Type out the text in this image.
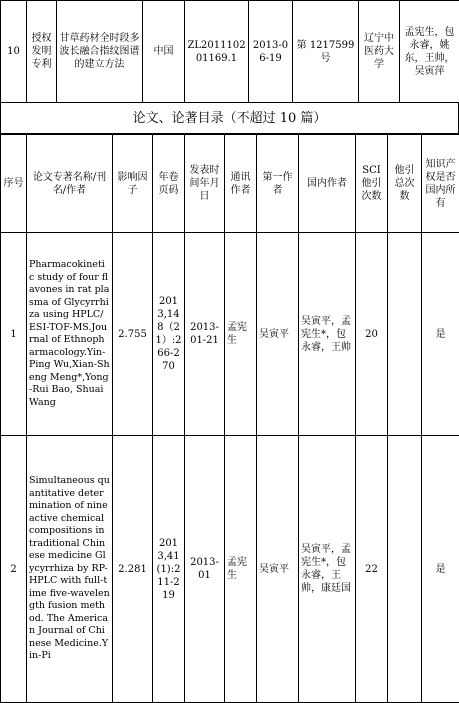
10	授权发明专利	甘草药材全时段多波长融合指纹图谱的建立方法	中国	ZL201110201169.1	2013-06-19	第 1217599 号	辽宁中医药大学	孟宪生，包永睿，姚东，王帅，吴寅萍
论文、论著目录（不超过 10 篇）
序号	论文专著名称/刊名/作者	影响因子	年卷页码	发表时间年月日	通讯作者	第一作者	国内作者	SCI 他引次数	他引总次数	知识产权是否国内所有
1	Pharmacokinetic study of four flavones in rat plasma of Glycyrrhiza using HPLC/ESI-TOF-MS.Journal of Ethnopharmacology.Yin-Ping Wu,Xian-Sheng Meng*,Yong-Rui Bao, Shuai Wang	2.755	2013,148（21）:266-270	2013-01-21	孟宪生	吴寅平	吴寅平，孟宪生*，包永睿，王帅	20		是
2	Simultaneous quantitative determination of nine active chemical compositions in traditional Chinese medicine Glycyrrhiza by RP-HPLC with full-time five-wavelength fusion method. The American Journal of Chinese Medicine.Yin-Pi	2.281	2013,41(1):211-219	2013-01	孟宪生	吴寅平	吴寅平，孟宪生*，包永睿，王帅，康廷国	22		是
